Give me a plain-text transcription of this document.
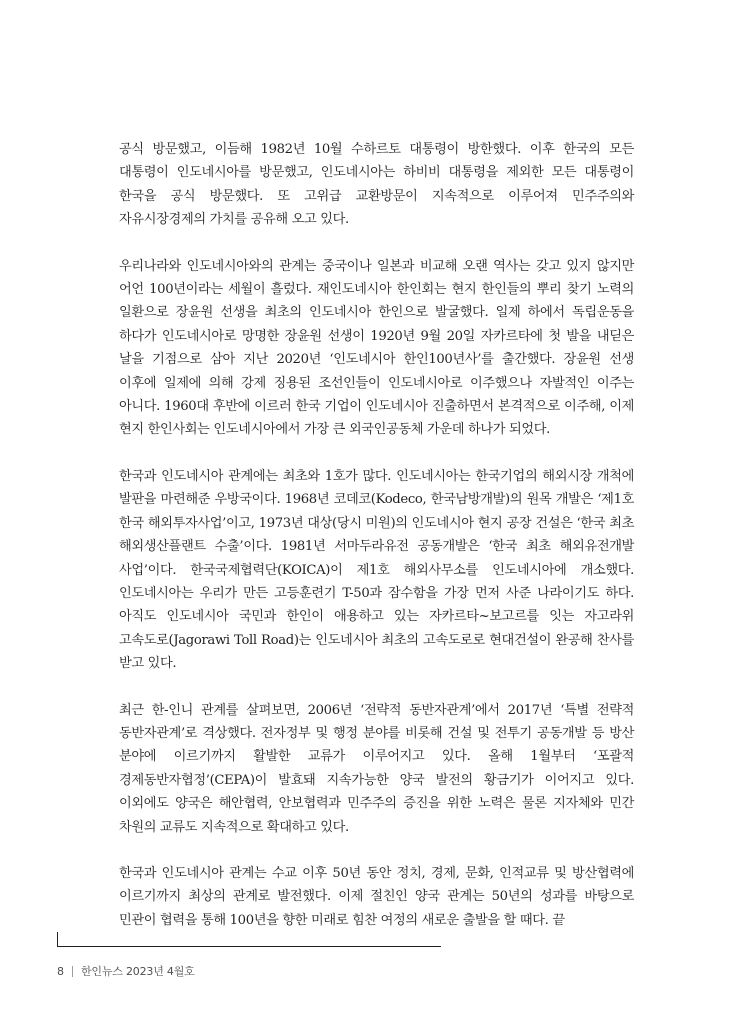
공식 방문했고, 이듬해 1982년 10월 수하르토 대통령이 방한했다. 이후 한국의 모든 대통령이 인도네시아를 방문했고, 인도네시아는 하비비 대통령을 제외한 모든 대통령이 한국을 공식 방문했다. 또 고위급 교환방문이 지속적으로 이루어져 민주주의와 자유시장경제의 가치를 공유해 오고 있다.

우리나라와 인도네시아와의 관계는 중국이나 일본과 비교해 오랜 역사는 갖고 있지 않지만 어언 100년이라는 세월이 흘렀다. 재인도네시아 한인회는 현지 한인들의 뿌리 찾기 노력의 일환으로 장윤원 선생을 최초의 인도네시아 한인으로 발굴했다. 일제 하에서 독립운동을 하다가 인도네시아로 망명한 장윤원 선생이 1920년 9월 20일 자카르타에 첫 발을 내딛은 날을 기점으로 삼아 지난 2020년 ‘인도네시아 한인100년사’를 출간했다. 장윤원 선생 이후에 일제에 의해 강제 징용된 조선인들이 인도네시아로 이주했으나 자발적인 이주는 아니다. 1960대 후반에 이르러 한국 기업이 인도네시아 진출하면서 본격적으로 이주해, 이제 현지 한인사회는 인도네시아에서 가장 큰 외국인공동체 가운데 하나가 되었다.

한국과 인도네시아 관계에는 최초와 1호가 많다. 인도네시아는 한국기업의 해외시장 개척에 발판을 마련해준 우방국이다. 1968년 코데코(Kodeco, 한국남방개발)의 원목 개발은 ‘제1호 한국 해외투자사업’이고, 1973년 대상(당시 미원)의 인도네시아 현지 공장 건설은 ‘한국 최초 해외생산플랜트 수출’이다. 1981년 서마두라유전 공동개발은 ‘한국 최초 해외유전개발 사업’이다. 한국국제협력단(KOICA)이 제1호 해외사무소를 인도네시아에 개소했다. 인도네시아는 우리가 만든 고등훈련기 T-50과 잠수함을 가장 먼저 사준 나라이기도 하다. 아직도 인도네시아 국민과 한인이 애용하고 있는 자카르타~보고르를 잇는 자고라위 고속도로(Jagorawi Toll Road)는 인도네시아 최초의 고속도로로 현대건설이 완공해 찬사를 받고 있다.

최근 한-인니 관계를 살펴보면, 2006년 ‘전략적 동반자관계’에서 2017년 ‘특별 전략적 동반자관계’로 격상했다. 전자정부 및 행정 분야를 비롯해 건설 및 전투기 공동개발 등 방산 분야에 이르기까지 활발한 교류가 이루어지고 있다. 올해 1월부터 ‘포괄적 경제동반자협정’(CEPA)이 발효돼 지속가능한 양국 발전의 황금기가 이어지고 있다. 이외에도 양국은 해안협력, 안보협력과 민주주의 증진을 위한 노력은 물론 지자체와 민간 차원의 교류도 지속적으로 확대하고 있다.

한국과 인도네시아 관계는 수교 이후 50년 동안 정치, 경제, 문화, 인적교류 및 방산협력에 이르기까지 최상의 관계로 발전했다. 이제 절친인 양국 관계는 50년의 성과를 바탕으로 민관이 협력을 통해 100년을 향한 미래로 힘찬 여정의 새로운 출발을 할 때다. 끝

8 한인뉴스 2023년 4월호
